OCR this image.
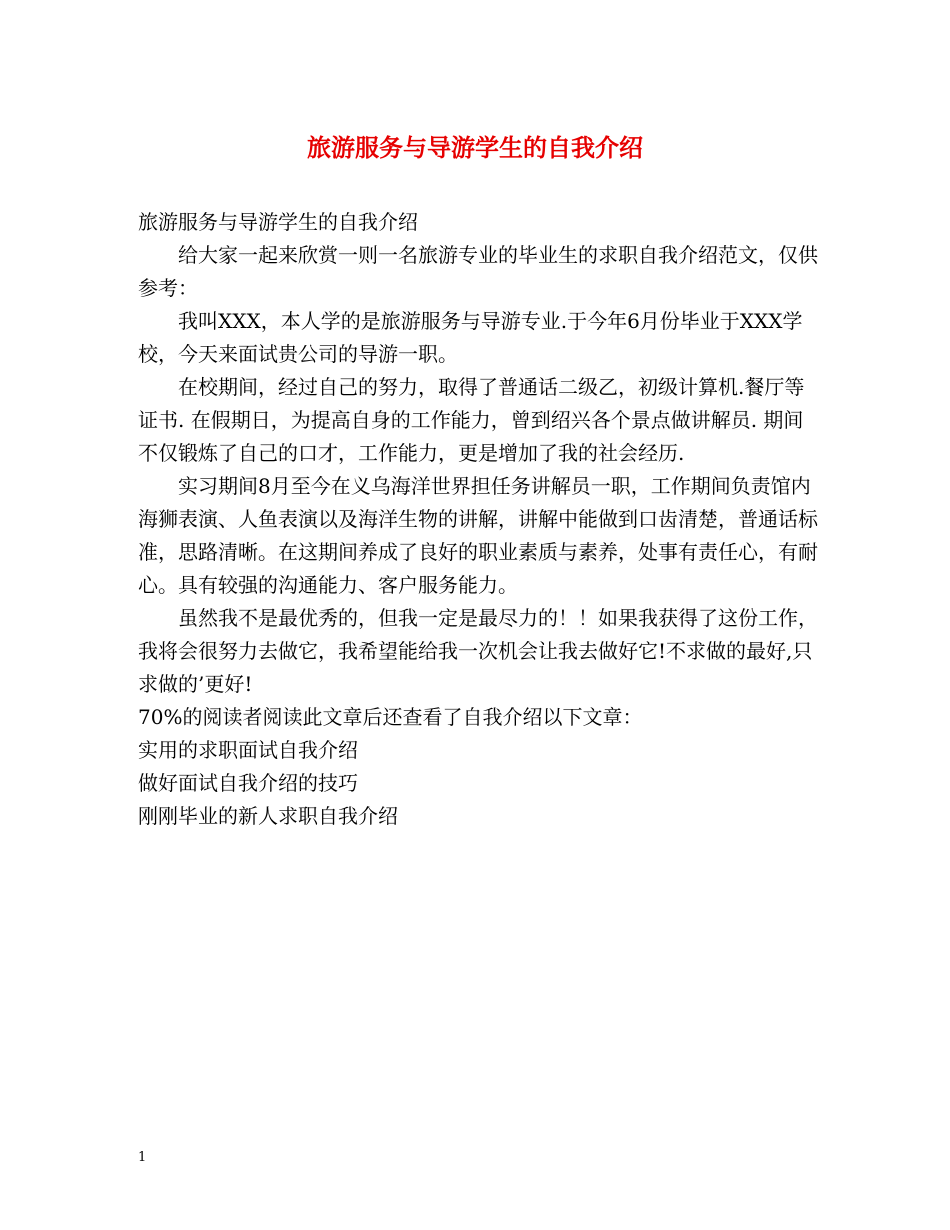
旅游服务与导游学生的自我介绍

旅游服务与导游学生的自我介绍

给大家一起来欣赏一则一名旅游专业的毕业生的求职自我介绍范文，仅供参考：

我叫XXX，本人学的是旅游服务与导游专业.于今年6月份毕业于XXX学校，今天来面试贵公司的导游一职。

在校期间，经过自己的努力，取得了普通话二级乙，初级计算机.餐厅等证书. 在假期日，为提高自身的工作能力，曾到绍兴各个景点做讲解员. 期间不仅锻炼了自己的口才，工作能力，更是增加了我的社会经历.

实习期间8月至今在义乌海洋世界担任务讲解员一职，工作期间负责馆内海狮表演、人鱼表演以及海洋生物的讲解，讲解中能做到口齿清楚，普通话标准，思路清晰。在这期间养成了良好的职业素质与素养，处事有责任心，有耐心。具有较强的沟通能力、客户服务能力。

虽然我不是最优秀的，但我一定是最尽力的！！如果我获得了这份工作，我将会很努力去做它，我希望能给我一次机会让我去做好它!不求做的最好,只求做的’更好!

70%的阅读者阅读此文章后还查看了自我介绍以下文章：

实用的求职面试自我介绍

做好面试自我介绍的技巧

刚刚毕业的新人求职自我介绍

1
